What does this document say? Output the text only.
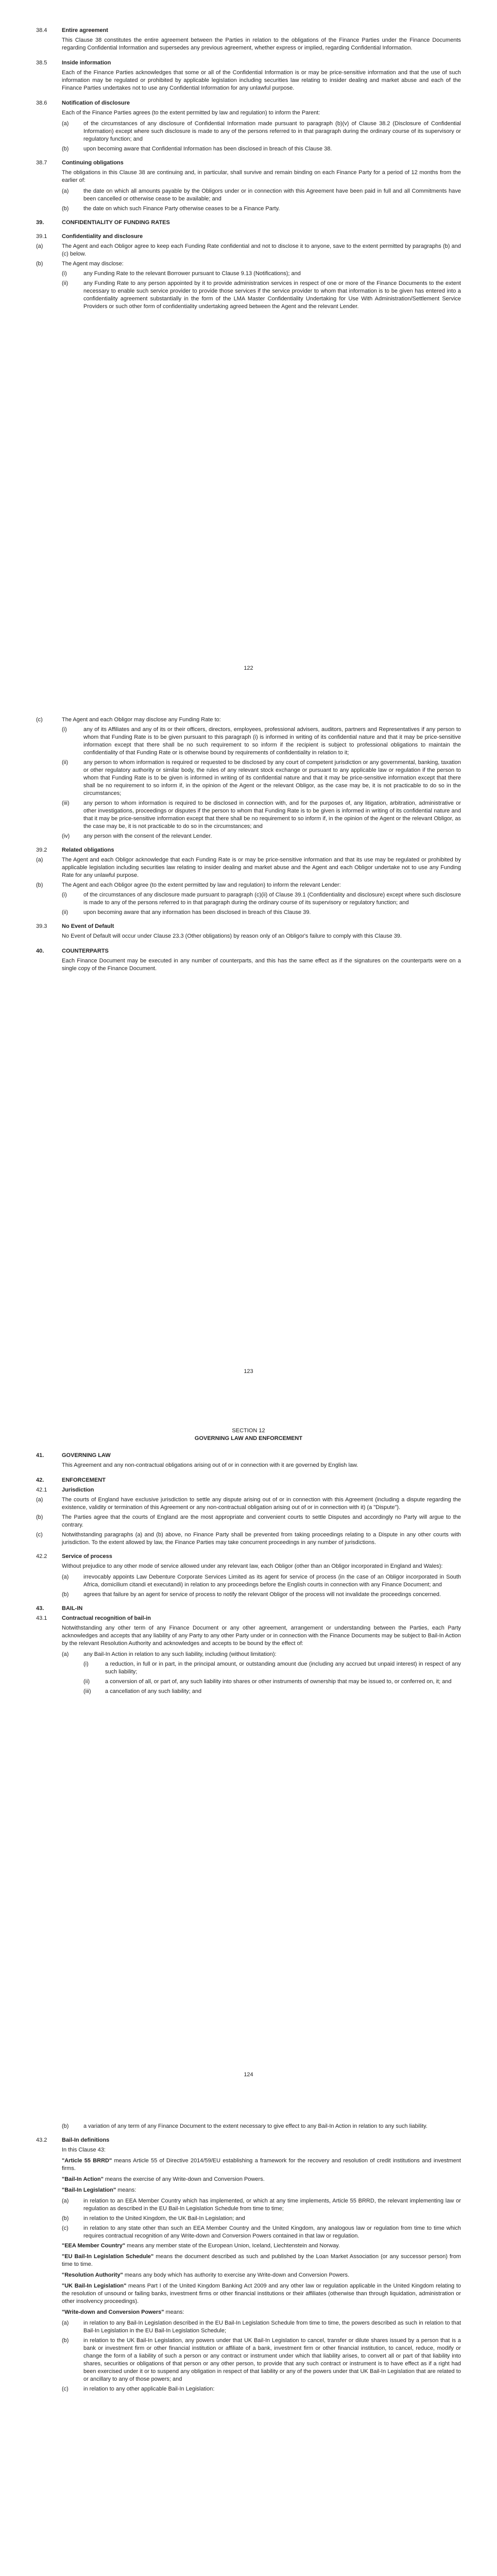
38.4	Entire agreement

This Clause 38 constitutes the entire agreement between the Parties in relation to the obligations of the Finance Parties under the Finance Documents regarding Confidential Information and supersedes any previous agreement, whether express or implied, regarding Confidential Information.

38.5	Inside information

Each of the Finance Parties acknowledges that some or all of the Confidential Information is or may be price-sensitive information and that the use of such information may be regulated or prohibited by applicable legislation including securities law relating to insider dealing and market abuse and each of the Finance Parties undertakes not to use any Confidential Information for any unlawful purpose.

38.6	Notification of disclosure

Each of the Finance Parties agrees (to the extent permitted by law and regulation) to inform the Parent:

(a)	of the circumstances of any disclosure of Confidential Information made pursuant to paragraph (b)(v) of Clause 38.2 (Disclosure of Confidential Information) except where such disclosure is made to any of the persons referred to in that paragraph during the ordinary course of its supervisory or regulatory function; and
(b)	upon becoming aware that Confidential Information has been disclosed in breach of this Clause 38.
38.7	Continuing obligations

The obligations in this Clause 38 are continuing and, in particular, shall survive and remain binding on each Finance Party for a period of 12 months from the earlier of:

(a)	the date on which all amounts payable by the Obligors under or in connection with this Agreement have been paid in full and all Commitments have been cancelled or otherwise cease to be available; and
(b)	the date on which such Finance Party otherwise ceases to be a Finance Party.
39.	CONFIDENTIALITY OF FUNDING RATES
39.1	Confidentiality and disclosure
(a)	The Agent and each Obligor agree to keep each Funding Rate confidential and not to disclose it to anyone, save to the extent permitted by paragraphs (b) and (c) below.
(b)	The Agent may disclose:
(i)	any Funding Rate to the relevant Borrower pursuant to Clause 9.13 (Notifications); and
(ii)	any Funding Rate to any person appointed by it to provide administration services in respect of one or more of the Finance Documents to the extent necessary to enable such service provider to provide those services if the service provider to whom that information is to be given has entered into a confidentiality agreement substantially in the form of the LMA Master Confidentiality Undertaking for Use With Administration/Settlement Service Providers or such other form of confidentiality undertaking agreed between the Agent and the relevant Lender.
122
(c)	The Agent and each Obligor may disclose any Funding Rate to:
(i)	any of its Affiliates and any of its or their officers, directors, employees, professional advisers, auditors, partners and Representatives if any person to whom that Funding Rate is to be given pursuant to this paragraph (i) is informed in writing of its confidential nature and that it may be price-sensitive information except that there shall be no such requirement to so inform if the recipient is subject to professional obligations to maintain the confidentiality of that Funding Rate or is otherwise bound by requirements of confidentiality in relation to it;
(ii)	any person to whom information is required or requested to be disclosed by any court of competent jurisdiction or any governmental, banking, taxation or other regulatory authority or similar body, the rules of any relevant stock exchange or pursuant to any applicable law or regulation if the person to whom that Funding Rate is to be given is informed in writing of its confidential nature and that it may be price-sensitive information except that there shall be no requirement to so inform if, in the opinion of the Agent or the relevant Obligor, as the case may be, it is not practicable to do so in the circumstances;
(iii)	any person to whom information is required to be disclosed in connection with, and for the purposes of, any litigation, arbitration, administrative or other investigations, proceedings or disputes if the person to whom that Funding Rate is to be given is informed in writing of its confidential nature and that it may be price-sensitive information except that there shall be no requirement to so inform if, in the opinion of the Agent or the relevant Obligor, as the case may be, it is not practicable to do so in the circumstances; and
(iv)	any person with the consent of the relevant Lender.
39.2	Related obligations
(a)	The Agent and each Obligor acknowledge that each Funding Rate is or may be price-sensitive information and that its use may be regulated or prohibited by applicable legislation including securities law relating to insider dealing and market abuse and the Agent and each Obligor undertake not to use any Funding Rate for any unlawful purpose.
(b)	The Agent and each Obligor agree (to the extent permitted by law and regulation) to inform the relevant Lender:
(i)	of the circumstances of any disclosure made pursuant to paragraph (c)(ii) of Clause 39.1 (Confidentiality and disclosure) except where such disclosure is made to any of the persons referred to in that paragraph during the ordinary course of its supervisory or regulatory function; and
(ii)	upon becoming aware that any information has been disclosed in breach of this Clause 39.
39.3	No Event of Default

No Event of Default will occur under Clause 23.3 (Other obligations) by reason only of an Obligor's failure to comply with this Clause 39.

40.	COUNTERPARTS

Each Finance Document may be executed in any number of counterparts, and this has the same effect as if the signatures on the counterparts were on a single copy of the Finance Document.

123
SECTION 12
GOVERNING LAW AND ENFORCEMENT
41.	GOVERNING LAW

This Agreement and any non-contractual obligations arising out of or in connection with it are governed by English law.

42.	ENFORCEMENT
42.1	Jurisdiction
(a)	The courts of England have exclusive jurisdiction to settle any dispute arising out of or in connection with this Agreement (including a dispute regarding the existence, validity or termination of this Agreement or any non-contractual obligation arising out of or in connection with it) (a "Dispute").
(b)	The Parties agree that the courts of England are the most appropriate and convenient courts to settle Disputes and accordingly no Party will argue to the contrary.
(c)	Notwithstanding paragraphs (a) and (b) above, no Finance Party shall be prevented from taking proceedings relating to a Dispute in any other courts with jurisdiction. To the extent allowed by law, the Finance Parties may take concurrent proceedings in any number of jurisdictions.
42.2	Service of process

Without prejudice to any other mode of service allowed under any relevant law, each Obligor (other than an Obligor incorporated in England and Wales):

(a)	irrevocably appoints Law Debenture Corporate Services Limited as its agent for service of process (in the case of an Obligor incorporated in South Africa, domicilium citandi et executandi) in relation to any proceedings before the English courts in connection with any Finance Document; and
(b)	agrees that failure by an agent for service of process to notify the relevant Obligor of the process will not invalidate the proceedings concerned.
43.	BAIL-IN
43.1	Contractual recognition of bail-in

Notwithstanding any other term of any Finance Document or any other agreement, arrangement or understanding between the Parties, each Party acknowledges and accepts that any liability of any Party to any other Party under or in connection with the Finance Documents may be subject to Bail-In Action by the relevant Resolution Authority and acknowledges and accepts to be bound by the effect of:

(a)	any Bail-In Action in relation to any such liability, including (without limitation):
(i)	a reduction, in full or in part, in the principal amount, or outstanding amount due (including any accrued but unpaid interest) in respect of any such liability;
(ii)	a conversion of all, or part of, any such liability into shares or other instruments of ownership that may be issued to, or conferred on, it; and
(iii)	a cancellation of any such liability; and
124
(b)	a variation of any term of any Finance Document to the extent necessary to give effect to any Bail-In Action in relation to any such liability.
43.2	Bail-In definitions

In this Clause 43:

"Article 55 BRRD" means Article 55 of Directive 2014/59/EU establishing a framework for the recovery and resolution of credit institutions and investment firms.

"Bail-In Action" means the exercise of any Write-down and Conversion Powers.

"Bail-In Legislation" means:

(a)	in relation to an EEA Member Country which has implemented, or which at any time implements, Article 55 BRRD, the relevant implementing law or regulation as described in the EU Bail-In Legislation Schedule from time to time;
(b)	in relation to the United Kingdom, the UK Bail-In Legislation; and
(c)	in relation to any state other than such an EEA Member Country and the United Kingdom, any analogous law or regulation from time to time which requires contractual recognition of any Write-down and Conversion Powers contained in that law or regulation.

"EEA Member Country" means any member state of the European Union, Iceland, Liechtenstein and Norway.

"EU Bail-In Legislation Schedule" means the document described as such and published by the Loan Market Association (or any successor person) from time to time.

"Resolution Authority" means any body which has authority to exercise any Write-down and Conversion Powers.

"UK Bail-In Legislation" means Part I of the United Kingdom Banking Act 2009 and any other law or regulation applicable in the United Kingdom relating to the resolution of unsound or failing banks, investment firms or other financial institutions or their affiliates (otherwise than through liquidation, administration or other insolvency proceedings).

"Write-down and Conversion Powers" means:

(a)	in relation to any Bail-In Legislation described in the EU Bail-In Legislation Schedule from time to time, the powers described as such in relation to that Bail-In Legislation in the EU Bail-In Legislation Schedule;
(b)	in relation to the UK Bail-In Legislation, any powers under that UK Bail-In Legislation to cancel, transfer or dilute shares issued by a person that is a bank or investment firm or other financial institution or affiliate of a bank, investment firm or other financial institution, to cancel, reduce, modify or change the form of a liability of such a person or any contract or instrument under which that liability arises, to convert all or part of that liability into shares, securities or obligations of that person or any other person, to provide that any such contract or instrument is to have effect as if a right had been exercised under it or to suspend any obligation in respect of that liability or any of the powers under that UK Bail-In Legislation that are related to or ancillary to any of those powers; and
(c)	in relation to any other applicable Bail-In Legislation:
